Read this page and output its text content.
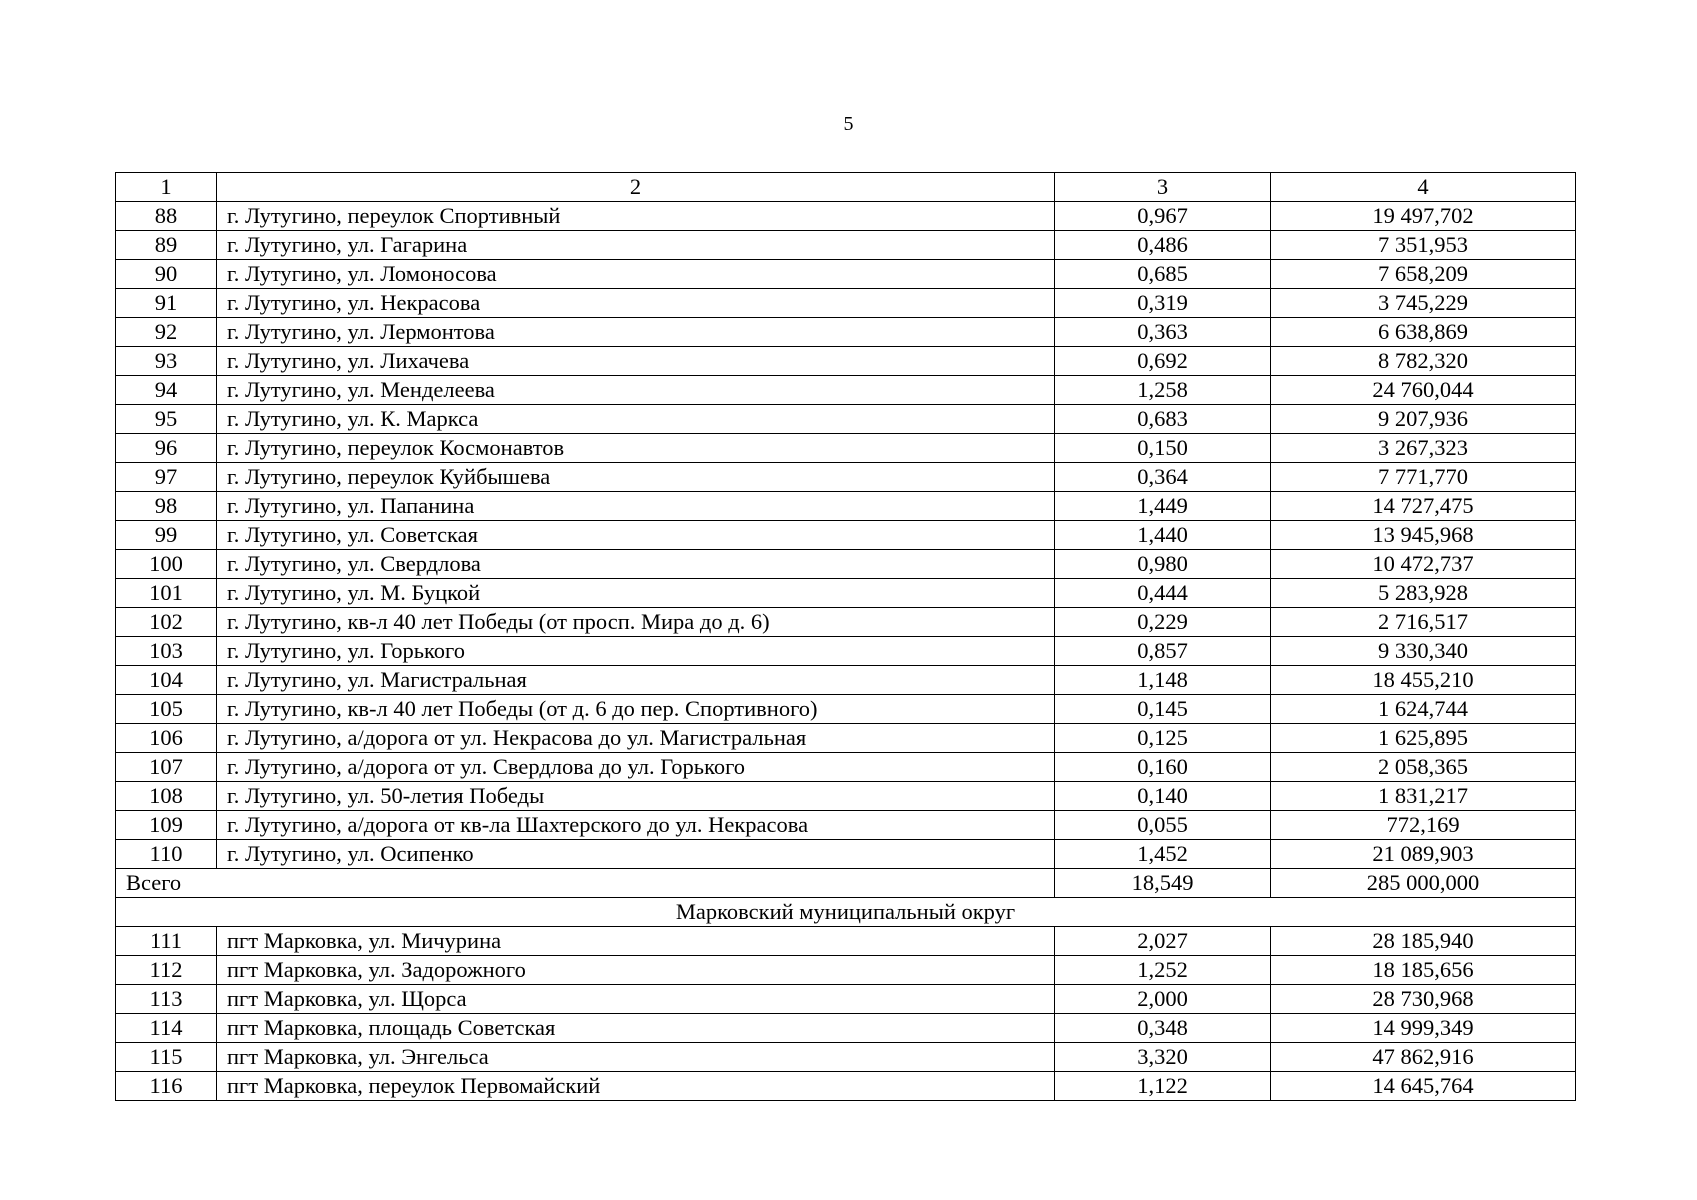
5
1	2	3	4
88	г. Лутугино, переулок Спортивный	0,967	19 497,702
89	г. Лутугино, ул. Гагарина	0,486	7 351,953
90	г. Лутугино, ул. Ломоносова	0,685	7 658,209
91	г. Лутугино, ул. Некрасова	0,319	3 745,229
92	г. Лутугино, ул. Лермонтова	0,363	6 638,869
93	г. Лутугино, ул. Лихачева	0,692	8 782,320
94	г. Лутугино, ул. Менделеева	1,258	24 760,044
95	г. Лутугино, ул. К. Маркса	0,683	9 207,936
96	г. Лутугино, переулок Космонавтов	0,150	3 267,323
97	г. Лутугино, переулок Куйбышева	0,364	7 771,770
98	г. Лутугино, ул. Папанина	1,449	14 727,475
99	г. Лутугино, ул. Советская	1,440	13 945,968
100	г. Лутугино, ул. Свердлова	0,980	10 472,737
101	г. Лутугино, ул. М. Буцкой	0,444	5 283,928
102	г. Лутугино, кв-л 40 лет Победы (от просп. Мира до д. 6)	0,229	2 716,517
103	г. Лутугино, ул. Горького	0,857	9 330,340
104	г. Лутугино, ул. Магистральная	1,148	18 455,210
105	г. Лутугино, кв-л 40 лет Победы (от д. 6 до пер. Спортивного)	0,145	1 624,744
106	г. Лутугино, а/дорога от ул. Некрасова до ул. Магистральная	0,125	1 625,895
107	г. Лутугино, а/дорога от ул. Свердлова до ул. Горького	0,160	2 058,365
108	г. Лутугино, ул. 50-летия Победы	0,140	1 831,217
109	г. Лутугино, а/дорога от кв-ла Шахтерского до ул. Некрасова	0,055	772,169
110	г. Лутугино, ул. Осипенко	1,452	21 089,903
Всего		18,549	285 000,000
Марковский муниципальный округ			
111	пгт Марковка, ул. Мичурина	2,027	28 185,940
112	пгт Марковка, ул. Задорожного	1,252	18 185,656
113	пгт Марковка, ул. Щорса	2,000	28 730,968
114	пгт Марковка, площадь Советская	0,348	14 999,349
115	пгт Марковка, ул. Энгельса	3,320	47 862,916
116	пгт Марковка, переулок Первомайский	1,122	14 645,764
